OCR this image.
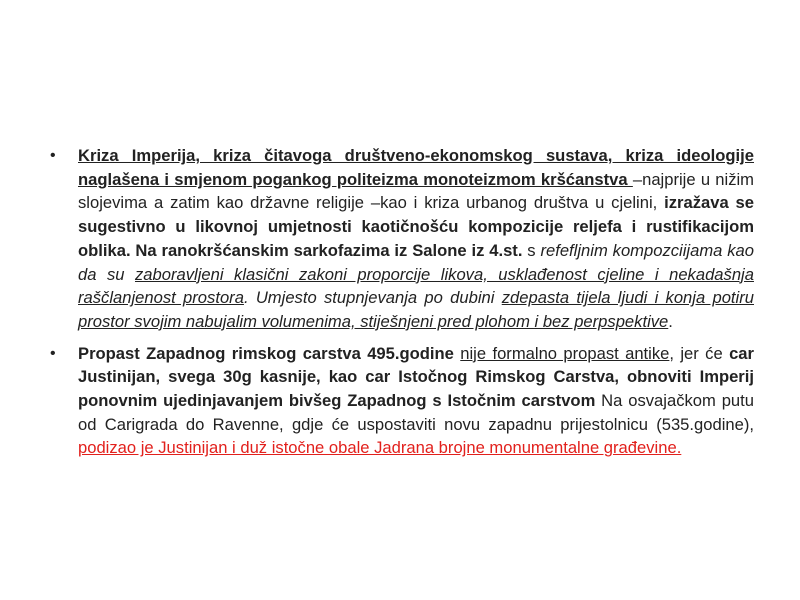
• Kriza Imperija, kriza čitavoga društveno-ekonomskog sustava, kriza ideologije naglašena i smjenom pogankog politeizma monoteizmom kršćanstva –najprije u nižim slojevima a zatim kao državne religije –kao i kriza urbanog društva u cjelini, izražava se sugestivno u likovnoj umjetnosti kaotičnošću kompozicije reljefa i rustifikacijom oblika. Na ranokršćanskim sarkofazima iz Salone iz 4.st. s refefljnim kompozciijama kao da su zaboravljeni klasični zakoni proporcije likova, usklađenost cjeline i nekadašnja raščlanjenost prostora. Umjesto stupnjevanja po dubini zdepasta tijela ljudi i konja potiru prostor svojim nabujalim volumenima, stiješnjeni pred plohom i bez perpspektive.
• Propast Zapadnog rimskog carstva 495.godine nije formalno propast antike, jer će car Justinijan, svega 30g kasnije, kao car Istočnog Rimskog Carstva, obnoviti Imperij ponovnim ujedinjavanjem bivšeg Zapadnog s Istočnim carstvom Na osvajačkom putu od Carigrada do Ravenne, gdje će uspostaviti novu zapadnu prijestolnicu (535.godine), podizao je Justinijan i duž istočne obale Jadrana brojne monumentalne građevine.
